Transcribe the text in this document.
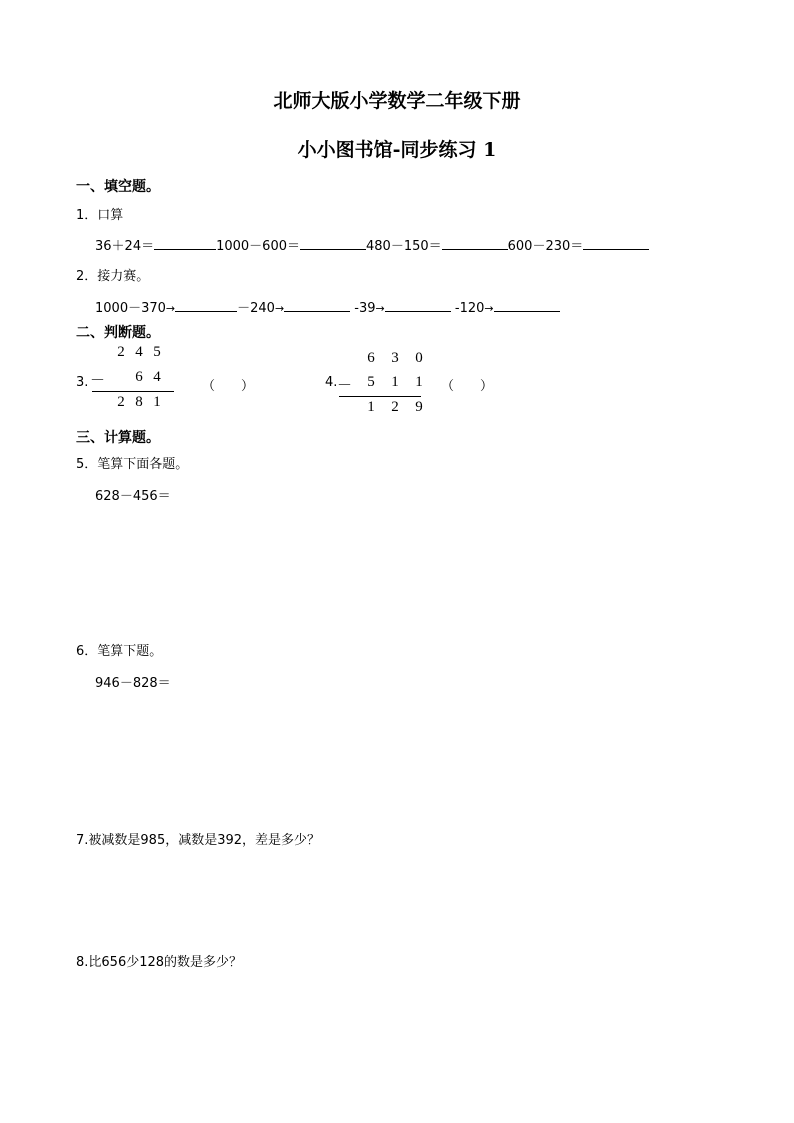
北师大版小学数学二年级下册
小小图书馆-同步练习 1
一、填空题。
1．口算
36＋24＝	1000－600＝	480－150＝	600－230＝
2．接力赛。
1000－370→	－240→	-39→	-120→
二、判断题。
3.
2 4 5
－	6 4
2 8 1
（　　）	4.
6	3	0
－	5	1	1
1	2	9
（　　）
三、计算题。
5．笔算下面各题。
628－456＝
6．笔算下题。
946－828＝
7.被减数是985，减数是392，差是多少？
8.比656少128的数是多少？
